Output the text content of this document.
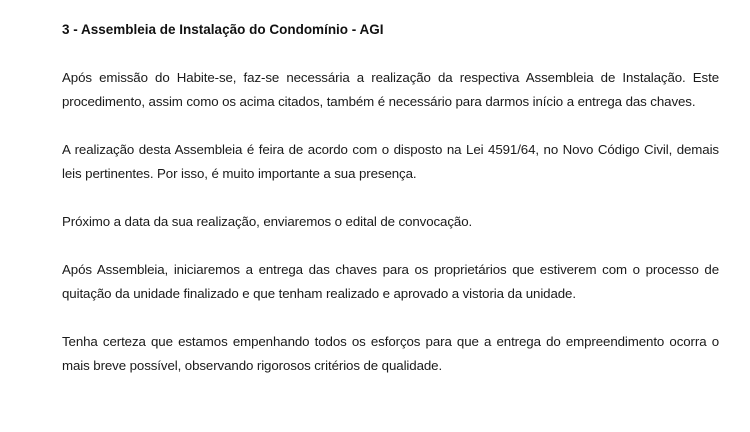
3 - Assembleia de Instalação do Condomínio - AGI

Após emissão do Habite-se, faz-se necessária a realização da respectiva Assembleia de Instalação. Este procedimento, assim como os acima citados, também é necessário para darmos início a entrega das chaves.

A realização desta Assembleia é feira de acordo com o disposto na Lei 4591/64, no Novo Código Civil, demais leis pertinentes. Por isso, é muito importante a sua presença.

Próximo a data da sua realização, enviaremos o edital de convocação.

Após Assembleia, iniciaremos a entrega das chaves para os proprietários que estiverem com o processo de quitação da unidade finalizado e que tenham realizado e aprovado a vistoria da unidade.

Tenha certeza que estamos empenhando todos os esforços para que a entrega do empreendimento ocorra o mais breve possível, observando rigorosos critérios de qualidade.
